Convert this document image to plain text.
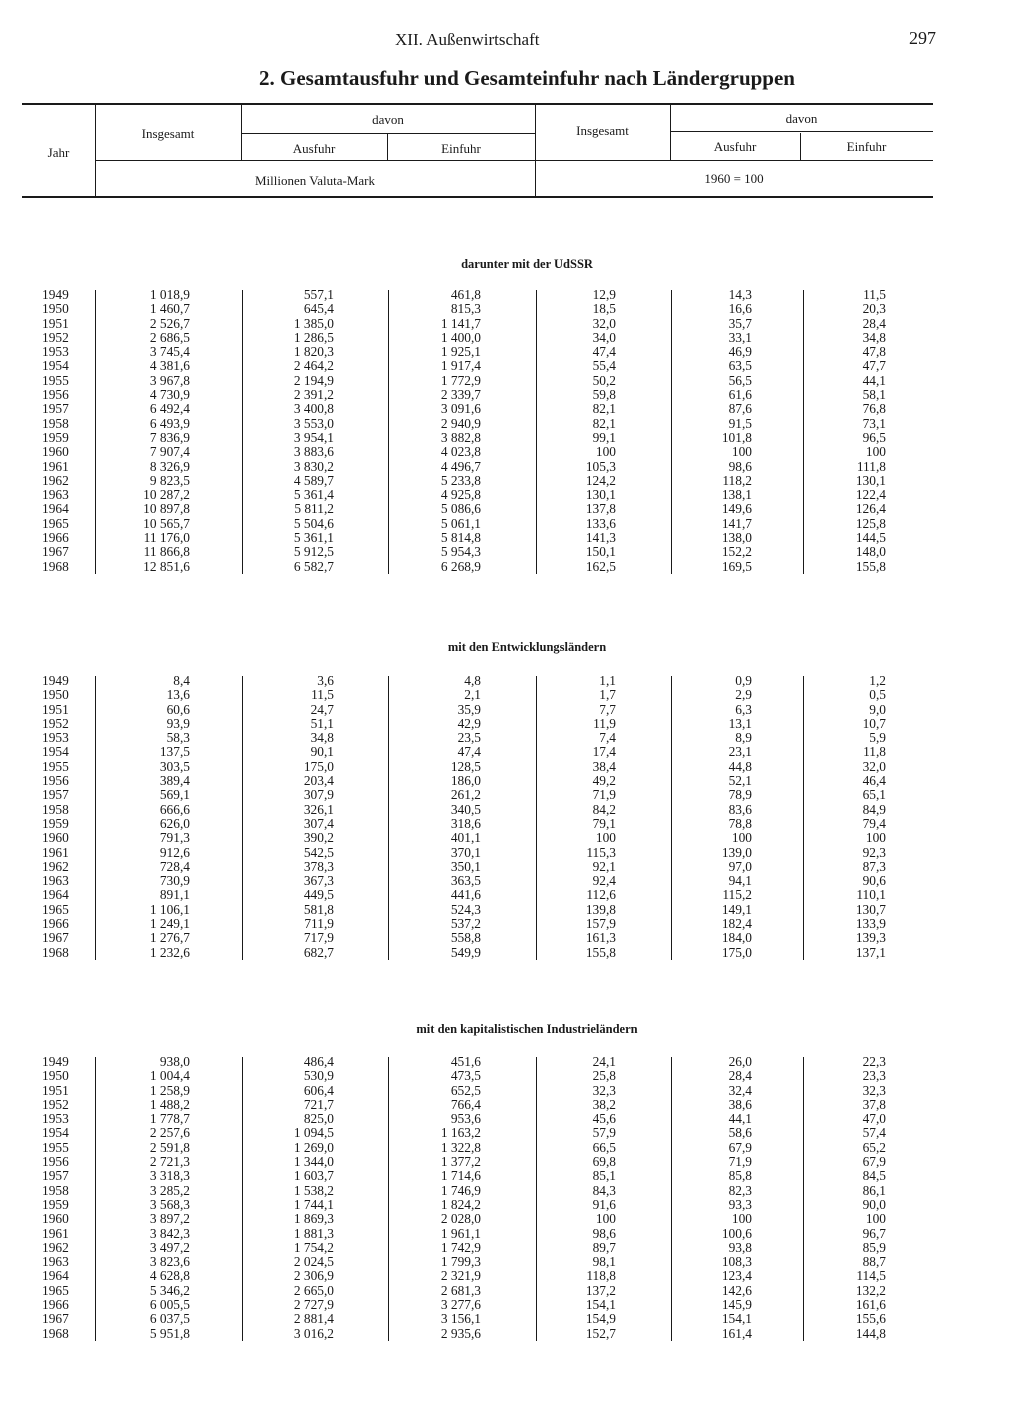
XII. Außenwirtschaft	297
2. Gesamtausfuhr und Gesamteinfuhr nach Ländergruppen
Jahr
Insgesamt
davon
Ausfuhr	Einfuhr
Millionen Valuta-Mark
Insgesamt
davon
Ausfuhr	Einfuhr
1960 = 100
darunter mit der UdSSR
1949	1 018,9	557,1	461,8	12,9	14,3	11,5
1950	1 460,7	645,4	815,3	18,5	16,6	20,3
1951	2 526,7	1 385,0	1 141,7	32,0	35,7	28,4
1952	2 686,5	1 286,5	1 400,0	34,0	33,1	34,8
1953	3 745,4	1 820,3	1 925,1	47,4	46,9	47,8
1954	4 381,6	2 464,2	1 917,4	55,4	63,5	47,7
1955	3 967,8	2 194,9	1 772,9	50,2	56,5	44,1
1956	4 730,9	2 391,2	2 339,7	59,8	61,6	58,1
1957	6 492,4	3 400,8	3 091,6	82,1	87,6	76,8
1958	6 493,9	3 553,0	2 940,9	82,1	91,5	73,1
1959	7 836,9	3 954,1	3 882,8	99,1	101,8	96,5
1960	7 907,4	3 883,6	4 023,8	100	100	100
1961	8 326,9	3 830,2	4 496,7	105,3	98,6	111,8
1962	9 823,5	4 589,7	5 233,8	124,2	118,2	130,1
1963	10 287,2	5 361,4	4 925,8	130,1	138,1	122,4
1964	10 897,8	5 811,2	5 086,6	137,8	149,6	126,4
1965	10 565,7	5 504,6	5 061,1	133,6	141,7	125,8
1966	11 176,0	5 361,1	5 814,8	141,3	138,0	144,5
1967	11 866,8	5 912,5	5 954,3	150,1	152,2	148,0
1968	12 851,6	6 582,7	6 268,9	162,5	169,5	155,8
mit den Entwicklungsländern
1949	8,4	3,6	4,8	1,1	0,9	1,2
1950	13,6	11,5	2,1	1,7	2,9	0,5
1951	60,6	24,7	35,9	7,7	6,3	9,0
1952	93,9	51,1	42,9	11,9	13,1	10,7
1953	58,3	34,8	23,5	7,4	8,9	5,9
1954	137,5	90,1	47,4	17,4	23,1	11,8
1955	303,5	175,0	128,5	38,4	44,8	32,0
1956	389,4	203,4	186,0	49,2	52,1	46,4
1957	569,1	307,9	261,2	71,9	78,9	65,1
1958	666,6	326,1	340,5	84,2	83,6	84,9
1959	626,0	307,4	318,6	79,1	78,8	79,4
1960	791,3	390,2	401,1	100	100	100
1961	912,6	542,5	370,1	115,3	139,0	92,3
1962	728,4	378,3	350,1	92,1	97,0	87,3
1963	730,9	367,3	363,5	92,4	94,1	90,6
1964	891,1	449,5	441,6	112,6	115,2	110,1
1965	1 106,1	581,8	524,3	139,8	149,1	130,7
1966	1 249,1	711,9	537,2	157,9	182,4	133,9
1967	1 276,7	717,9	558,8	161,3	184,0	139,3
1968	1 232,6	682,7	549,9	155,8	175,0	137,1
mit den kapitalistischen Industrieländern
1949	938,0	486,4	451,6	24,1	26,0	22,3
1950	1 004,4	530,9	473,5	25,8	28,4	23,3
1951	1 258,9	606,4	652,5	32,3	32,4	32,3
1952	1 488,2	721,7	766,4	38,2	38,6	37,8
1953	1 778,7	825,0	953,6	45,6	44,1	47,0
1954	2 257,6	1 094,5	1 163,2	57,9	58,6	57,4
1955	2 591,8	1 269,0	1 322,8	66,5	67,9	65,2
1956	2 721,3	1 344,0	1 377,2	69,8	71,9	67,9
1957	3 318,3	1 603,7	1 714,6	85,1	85,8	84,5
1958	3 285,2	1 538,2	1 746,9	84,3	82,3	86,1
1959	3 568,3	1 744,1	1 824,2	91,6	93,3	90,0
1960	3 897,2	1 869,3	2 028,0	100	100	100
1961	3 842,3	1 881,3	1 961,1	98,6	100,6	96,7
1962	3 497,2	1 754,2	1 742,9	89,7	93,8	85,9
1963	3 823,6	2 024,5	1 799,3	98,1	108,3	88,7
1964	4 628,8	2 306,9	2 321,9	118,8	123,4	114,5
1965	5 346,2	2 665,0	2 681,3	137,2	142,6	132,2
1966	6 005,5	2 727,9	3 277,6	154,1	145,9	161,6
1967	6 037,5	2 881,4	3 156,1	154,9	154,1	155,6
1968	5 951,8	3 016,2	2 935,6	152,7	161,4	144,8
